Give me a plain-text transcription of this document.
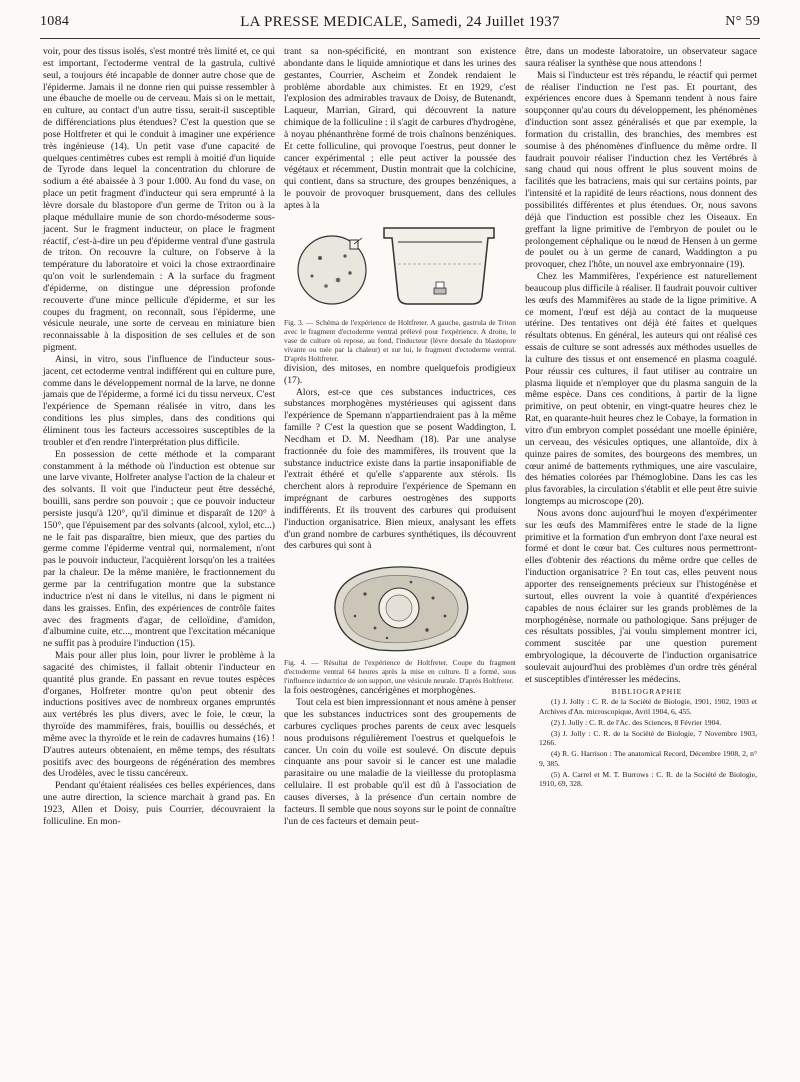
1084	LA PRESSE MEDICALE, Samedi, 24 Juillet 1937	N° 59

voir, pour des tissus isolés, s'est montré très limité et, ce qui est important, l'ectoderme ventral de la gastrula, cultivé seul, a toujours été incapable de donner autre chose que de l'épiderme. Jamais il ne donne rien qui puisse ressembler à une ébauche de moelle ou de cerveau. Mais si on le mettait, en culture, au contact d'un autre tissu, serait-il susceptible de différenciations plus étendues? C'est la question que se pose Holtfreter et qui le conduit à imaginer une expérience très ingénieuse (14). Un petit vase d'une capacité de quelques centimètres cubes est rempli à moitié d'un liquide de Tyrode dans lequel la concentration du chlorure de sodium a été abaissée à 3 pour 1.000. Au fond du vase, on place un petit fragment d'inducteur qui sera emprunté à la lèvre dorsale du blastopore d'un germe de Triton ou à la plaque médullaire munie de son chordo-mésoderme sous-jacent. Sur le fragment inducteur, on place le fragment réactif, c'est-à-dire un peu d'épiderme ventral d'une gastrula de triton. On recouvre la culture, on l'observe à la température du laboratoire et voici la chose extraordinaire qu'on voit le surlendemain : A la surface du fragment d'épiderme, on distingue une dépression profonde recouverte d'une mince pellicule d'épiderme, et sur les coupes du fragment, on reconnaît, sous l'épiderme, une vésicule neurale, une sorte de cerveau en miniature bien reconnaissable à la disposition de ses cellules et de son pigment.

Ainsi, in vitro, sous l'influence de l'inducteur sous-jacent, cet ectoderme ventral indifférent qui en culture pure, comme dans le développement normal de la larve, ne donne jamais que de l'épiderme, a formé ici du tissu nerveux. C'est l'expérience de Spemann réalisée in vitro, dans les conditions les plus simples, dans des conditions qui éliminent tous les facteurs accessoires susceptibles de la troubler et d'en rendre l'interprétation plus difficile.

En possession de cette méthode et la comparant constamment à la méthode où l'induction est obtenue sur une larve vivante, Holfreter analyse l'action de la chaleur et des solvants. Il voit que l'inducteur peut être desséché, bouilli, sans perdre son pouvoir ; que ce pouvoir inducteur persiste jusqu'à 120°, qu'il diminue et disparaît de 120° à 150°, que l'épuisement par des solvants (alcool, xylol, etc...) ne le fait pas disparaître, bien mieux, que des parties du germe comme l'épiderme ventral qui, normalement, n'ont pas le pouvoir inducteur, l'acquièrent lorsqu'on les a traitées par la chaleur. De la même manière, le fractionnement du germe par la centrifugation montre que la substance inductrice n'est ni dans le vitellus, ni dans le pigment ni dans les graisses. Enfin, des expériences de contrôle faites avec des fragments d'agar, de celloïdine, d'amidon, d'albumine cuite, etc..., montrent que l'excitation mécanique ne suffit pas à produire l'induction (15).

Mais pour aller plus loin, pour livrer le problème à la sagacité des chimistes, il fallait obtenir l'inducteur en quantité plus grande. En passant en revue toutes espèces d'organes, Holfreter montre qu'on peut obtenir des inductions positives avec de nombreux organes empruntés aux vertébrés les plus divers, avec le foie, le cœur, la thyroïde des mammifères, frais, bouillis ou desséchés, et même avec la thyroïde et le rein de cadavres humains (16) ! D'autres auteurs obtenaient, en même temps, des résultats positifs avec des bourgeons de régénération des membres des Urodèles, avec le tissu cancéreux.

Pendant qu'étaient réalisées ces belles expériences, dans une autre direction, la science marchait à grand pas. En 1923, Allen et Doisy, puis Courrier, découvraient la folliculine. En mon-

trant sa non-spécificité, en montrant son existence abondante dans le liquide amniotique et dans les urines des gestantes, Courrier, Ascheim et Zondek rendaient le problème abordable aux chimistes. Et en 1929, c'est l'explosion des admirables travaux de Doisy, de Butenandt, Laqueur, Marrian, Girard, qui découvrent la nature chimique de la folliculine : il s'agit de carbures d'hydrogène, à noyau phénanthrène formé de trois chaînons benzéniques. Et cette folliculine, qui provoque l'oestrus, peut donner le cancer expérimental ; elle peut activer la poussée des végétaux et récemment, Dustin montrait que la colchicine, qui contient, dans sa structure, des groupes benzéniques, a le pouvoir de provoquer brusquement, dans des cellules aptes à la

Fig. 3. — Schéma de l'expérience de Holtfreter. A gauche, gastrula de Triton avec le fragment d'ectoderme ventral prélevé pour l'expérience. A droite, le vase de culture où repose, au fond, l'inducteur (lèvre dorsale du blastopore vivante ou tuée par la chaleur) et sur lui, le fragment d'ectoderme ventral. D'après Holtfreter.

division, des mitoses, en nombre quelquefois prodigieux (17).

Alors, est-ce que ces substances inductrices, ces substances morphogènes mystérieuses qui agissent dans l'expérience de Spemann n'appartiendraient pas à la même famille ? C'est la question que se posent Waddington, I. Necdham et D. M. Needham (18). Par une analyse fractionnée du foie des mammifères, ils trouvent que la substance inductrice existe dans la partie insaponifiable de l'extrait éthéré et qu'elle s'apparente aux stérols. Ils cherchent alors à reproduire l'expérience de Spemann en imprégnant de carbures oestrogènes des supports indifférents. Et ils trouvent des carbures qui produisent l'induction organisatrice. Bien mieux, analysant les effets d'un grand nombre de carbures synthétiques, ils découvrent des carbures qui sont à

Fig. 4. — Résultat de l'expérience de Holtfreter. Coupe du fragment d'ectoderme ventral 64 heures après la mise en culture. Il a formé, sous l'influence inductrice de son support, une vésicule neurale. D'après Holtfreter.

la fois oestrogènes, cancérigènes et morphogènes.

Tout cela est bien impressionnant et nous amène à penser que les substances inductrices sont des groupements de carbures cycliques proches parents de ceux avec lesquels nous produisons régulièrement l'oestrus et quelquefois le cancer. Un coin du voile est soulevé. On discute depuis cinquante ans pour savoir si le cancer est une maladie parasitaire ou une maladie de la vieillesse du protoplasma cellulaire. Il est probable qu'il est dû à l'association de causes diverses, à la présence d'un certain nombre de facteurs. Il semble que nous soyons sur le point de connaître l'un de ces facteurs et demain peut-

être, dans un modeste laboratoire, un observateur sagace saura réaliser la synthèse que nous attendons !

Mais si l'inducteur est très répandu, le réactif qui permet de réaliser l'induction ne l'est pas. Et pourtant, des expériences encore dues à Spemann tendent à nous faire soupçonner qu'au cours du développement, les phénomènes d'induction sont assez généralisés et que par exemple, la formation du cristallin, des branchies, des membres est soumise à des phénomènes d'influence du même ordre. Il faudrait pouvoir réaliser l'induction chez les Vertébrés à sang chaud qui nous offrent le plus souvent moins de facilités que les batraciens, mais qui sur certains points, par l'intensité et la rapidité de leurs réactions, nous donnent des possibilités différentes et plus étendues. Or, nous savons déjà que l'induction est possible chez les Oiseaux. En greffant la ligne primitive de l'embryon de poulet ou le prolongement céphalique ou le nœud de Hensen à un germe de poulet ou à un germe de canard, Waddington a pu provoquer, chez l'hôte, un nouvel axe embryonnaire (19).

Chez les Mammifères, l'expérience est naturellement beaucoup plus difficile à réaliser. Il faudrait pouvoir cultiver les œufs des Mammifères au stade de la ligne primitive. A ce moment, l'œuf est déjà au contact de la muqueuse utérine. Des tentatives ont déjà été faites et quelques résultats obtenus. En général, les auteurs qui ont réalisé ces essais de culture se sont adressés aux méthodes usuelles de la culture des tissus et ont ensemencé en plasma coagulé. Pour réussir ces cultures, il faut utiliser au contraire un plasma liquide et n'employer que du plasma sanguin de la même espèce. Dans ces conditions, à partir de la ligne primitive, on peut obtenir, en vingt-quatre heures chez le Rat, en quarante-huit heures chez le Cobaye, la formation in vitro d'un embryon complet possédant une moelle épinière, un cerveau, des vésicules optiques, une allantoïde, dix à quinze paires de somites, des bourgeons des membres, un cœur animé de battements rythmiques, une aire vasculaire, des hématies colorées par l'hémoglobine. Dans les cas les plus favorables, la circulation s'établit et elle peut être suivie longtemps au microscope (20).

Nous avons donc aujourd'hui le moyen d'expérimenter sur les œufs des Mammifères entre le stade de la ligne primitive et la formation d'un embryon dont l'axe neural est formé et dont le cœur bat. Ces cultures nous permettront-elles d'obtenir des réactions du même ordre que celles de l'induction organisatrice ? En tout cas, elles peuvent nous apporter des renseignements précieux sur l'histogénèse et surtout, elles ouvrent la voie à quantité d'expériences capables de nous éclairer sur les grands problèmes de la morphogénèse, normale ou pathologique. Sans préjuger de ces résultats possibles, j'ai voulu simplement montrer ici, comment suscitée par une question purement embryologique, la découverte de l'induction organisatrice soulevait aujourd'hui des problèmes d'un ordre très général et susceptibles d'intéresser les médecins.

BIBLIOGRAPHIE

(1) J. Jolly : C. R. de la Société de Biologie, 1901, 1902, 1903 et Archives d'An. microscopique, Avril 1904, 6, 455.

(2) J. Jolly : C. R. de l'Ac. des Sciences, 8 Février 1904.

(3) J. Jolly : C. R. de la Société de Biologie, 7 Novembre 1903, 1266.

(4) R. G. Harrison : The anatomical Record, Décembre 1908, 2, n° 9, 385.

(5) A. Carrel et M. T. Burrows : C. R. de la Société de Biologie, 1910, 69, 328.
